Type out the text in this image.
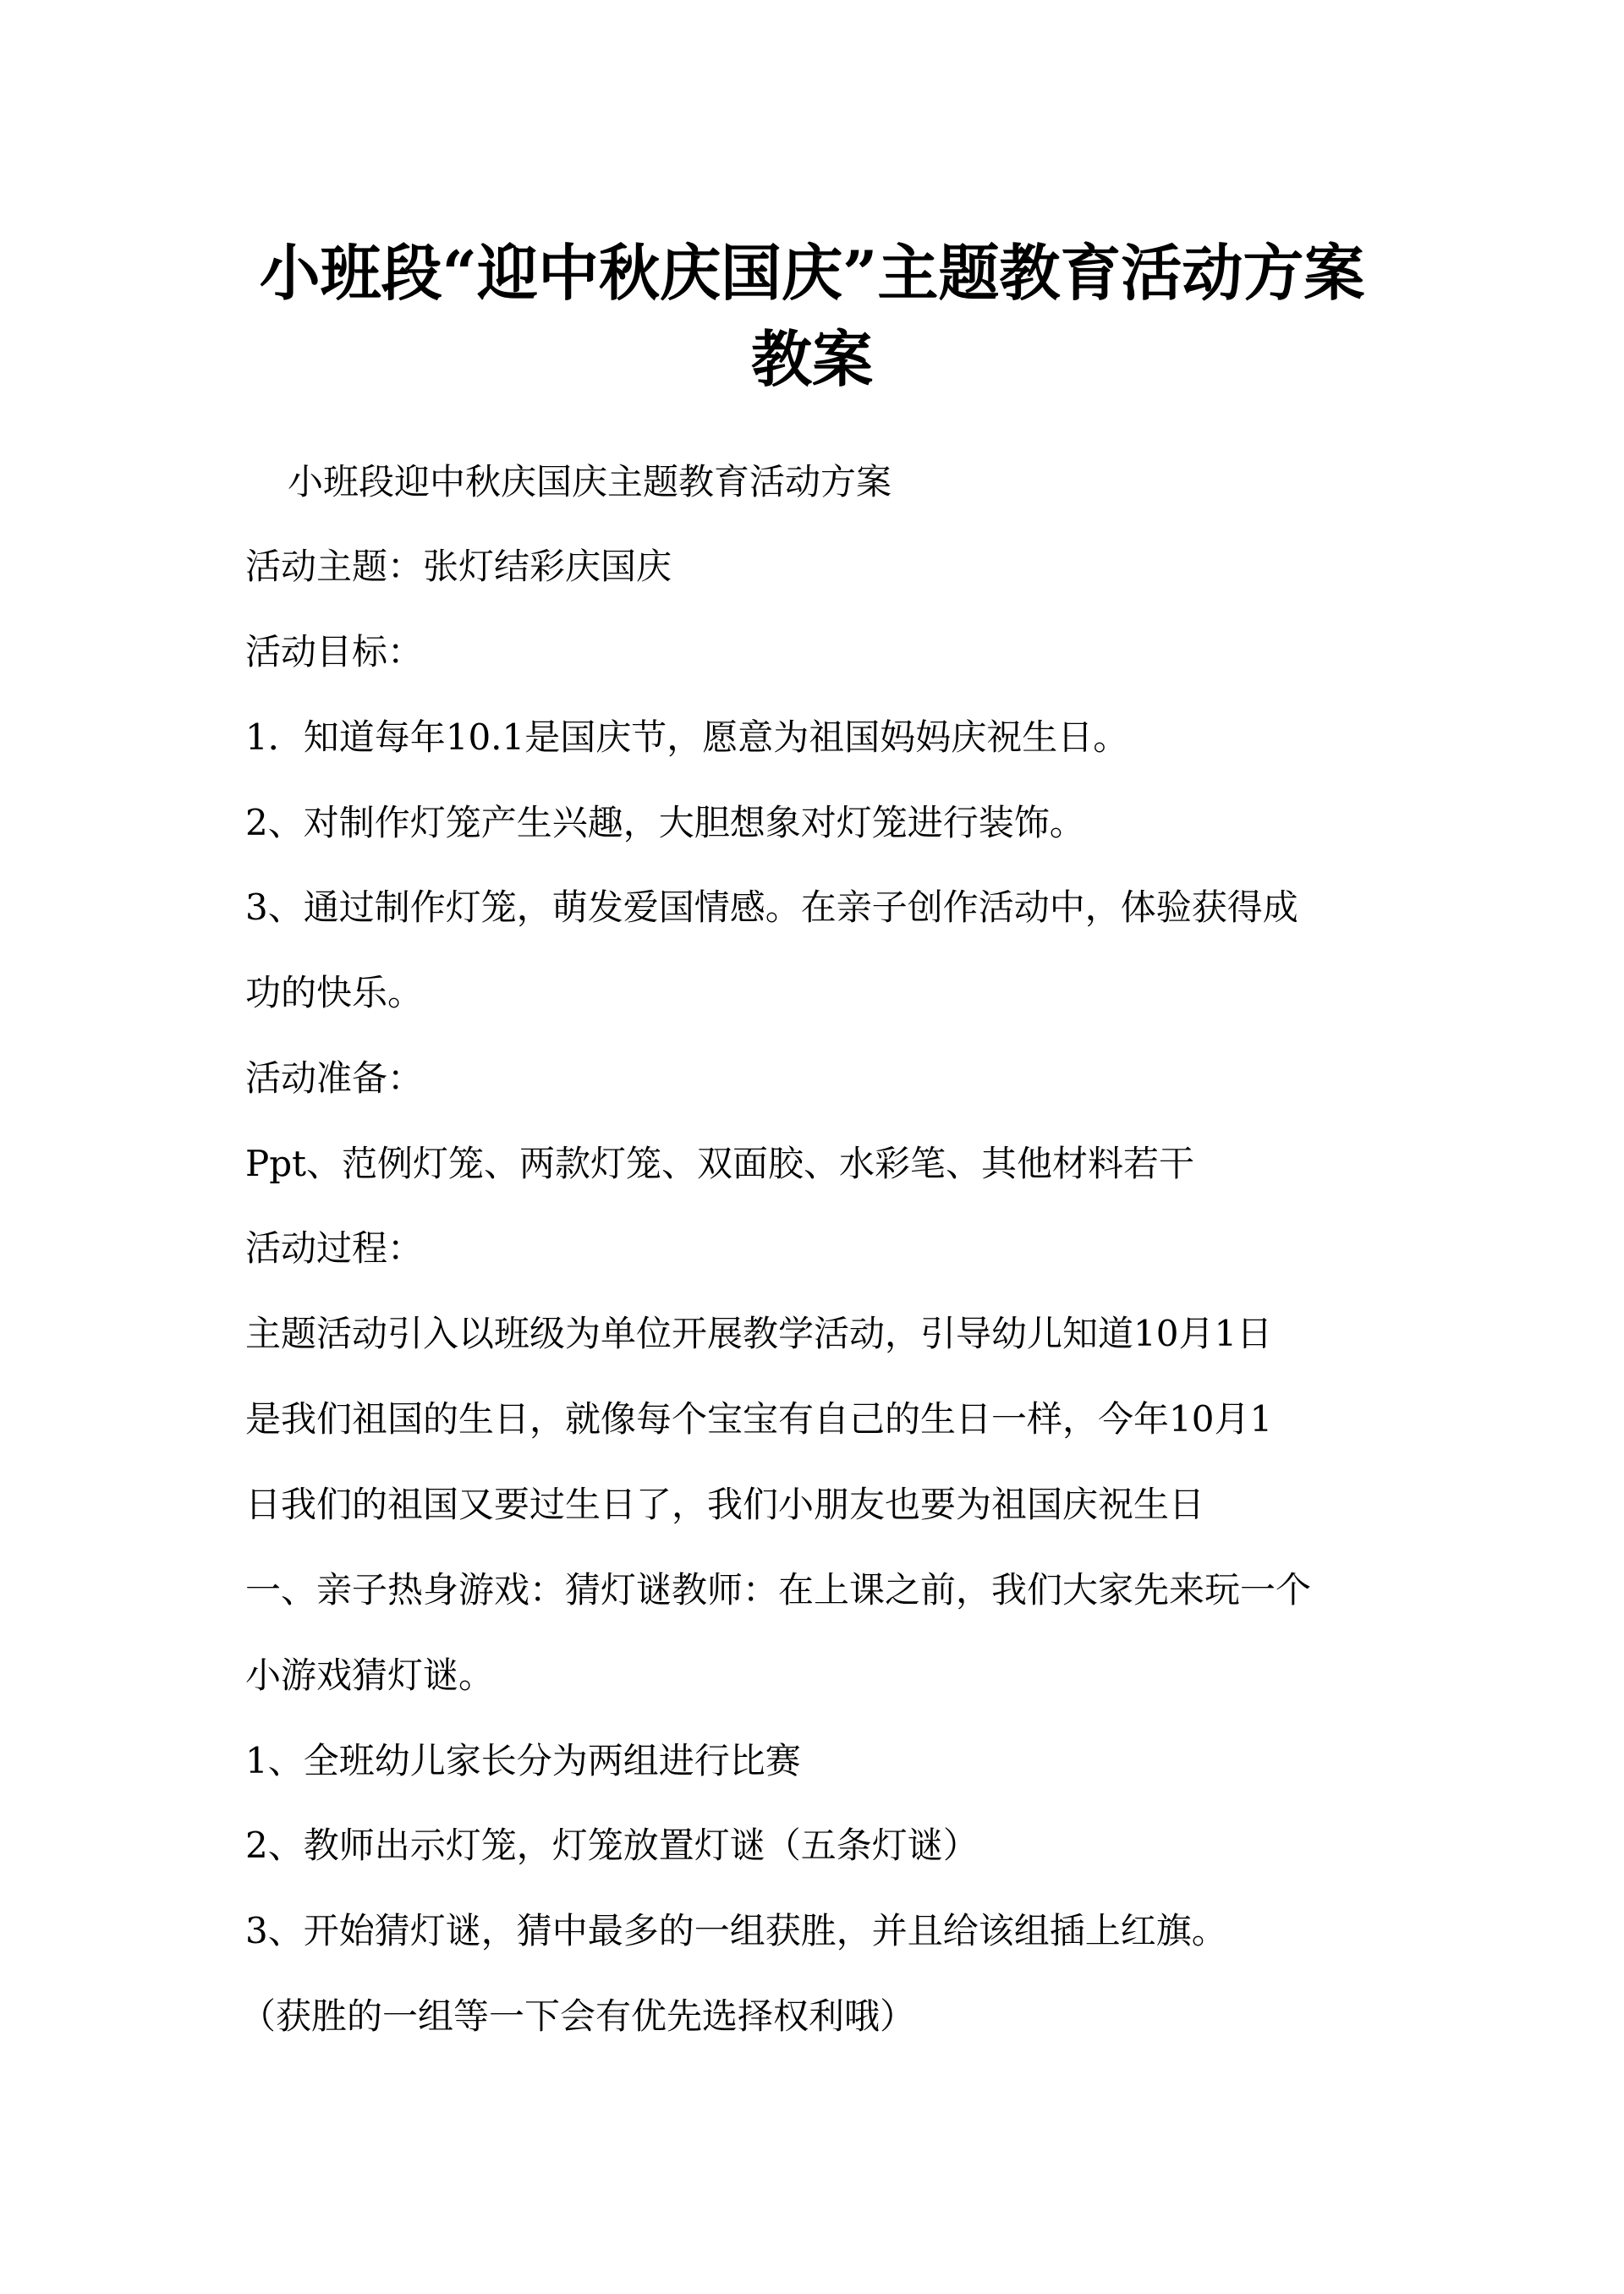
小班段“迎中秋庆国庆”主题教育活动方案
教案

小班段迎中秋庆国庆主题教育活动方案

活动主题：张灯结彩庆国庆

活动目标：

1．知道每年10.1是国庆节，愿意为祖国妈妈庆祝生日。

2、对制作灯笼产生兴趣，大胆想象对灯笼进行装饰。

3、通过制作灯笼，萌发爱国情感。在亲子创作活动中，体验获得成

功的快乐。

活动准备：

Ppt、范例灯笼、两款灯笼、双面胶、水彩笔、其他材料若干

活动过程：

主题活动引入以班级为单位开展教学活动，引导幼儿知道10月1日

是我们祖国的生日，就像每个宝宝有自己的生日一样，今年10月1

日我们的祖国又要过生日了，我们小朋友也要为祖国庆祝生日

一、亲子热身游戏：猜灯谜教师：在上课之前，我们大家先来玩一个

小游戏猜灯谜。

1、全班幼儿家长分为两组进行比赛

2、教师出示灯笼，灯笼放置灯谜（五条灯谜）

3、开始猜灯谜，猜中最多的一组获胜，并且给该组插上红旗。

（获胜的一组等一下会有优先选择权利哦）
